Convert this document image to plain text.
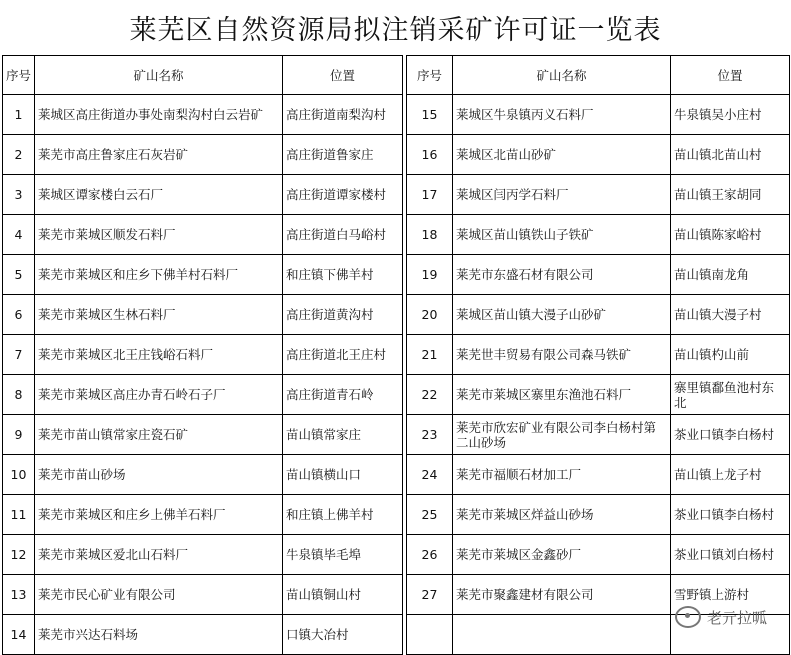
莱芜区自然资源局拟注销采矿许可证一览表
序号	矿山名称	位置		序号	矿山名称	位置
1	莱城区高庄街道办事处南梨沟村白云岩矿	高庄街道南梨沟村		15	莱城区牛泉镇丙义石料厂	牛泉镇吴小庄村
2	莱芜市高庄鲁家庄石灰岩矿	高庄街道鲁家庄		16	莱城区北苗山砂矿	苗山镇北苗山村
3	莱城区谭家楼白云石厂	高庄街道谭家楼村		17	莱城区闫丙学石料厂	苗山镇王家胡同
4	莱芜市莱城区顺发石料厂	高庄街道白马峪村		18	莱城区苗山镇铁山子铁矿	苗山镇陈家峪村
5	莱芜市莱城区和庄乡下佛羊村石料厂	和庄镇下佛羊村		19	莱芜市东盛石材有限公司	苗山镇南龙角
6	莱芜市莱城区生林石料厂	高庄街道黄沟村		20	莱城区苗山镇大漫子山砂矿	苗山镇大漫子村
7	莱芜市莱城区北王庄钱峪石料厂	高庄街道北王庄村		21	莱芜世丰贸易有限公司森马铁矿	苗山镇杓山前
8	莱芜市莱城区高庄办青石岭石子厂	高庄街道青石岭		22	莱芜市莱城区寨里东渔池石料厂	寨里镇鄱鱼池村东北
9	莱芜市苗山镇常家庄瓷石矿	苗山镇常家庄		23	莱芜市欣宏矿业有限公司李白杨村第二山砂场	茶业口镇李白杨村
10	莱芜市苗山砂场	苗山镇横山口		24	莱芜市福顺石材加工厂	苗山镇上龙子村
11	莱芜市莱城区和庄乡上佛羊石料厂	和庄镇上佛羊村		25	莱芜市莱城区烊益山砂场	茶业口镇李白杨村
12	莱芜市莱城区爱北山石料厂	牛泉镇毕毛埠		26	莱芜市莱城区金鑫砂厂	茶业口镇刘白杨村
13	莱芜市民心矿业有限公司	苗山镇铜山村		27	莱芜市聚鑫建材有限公司	雪野镇上游村
14	莱芜市兴达石料场	口镇大冶村				
老亓拉呱
